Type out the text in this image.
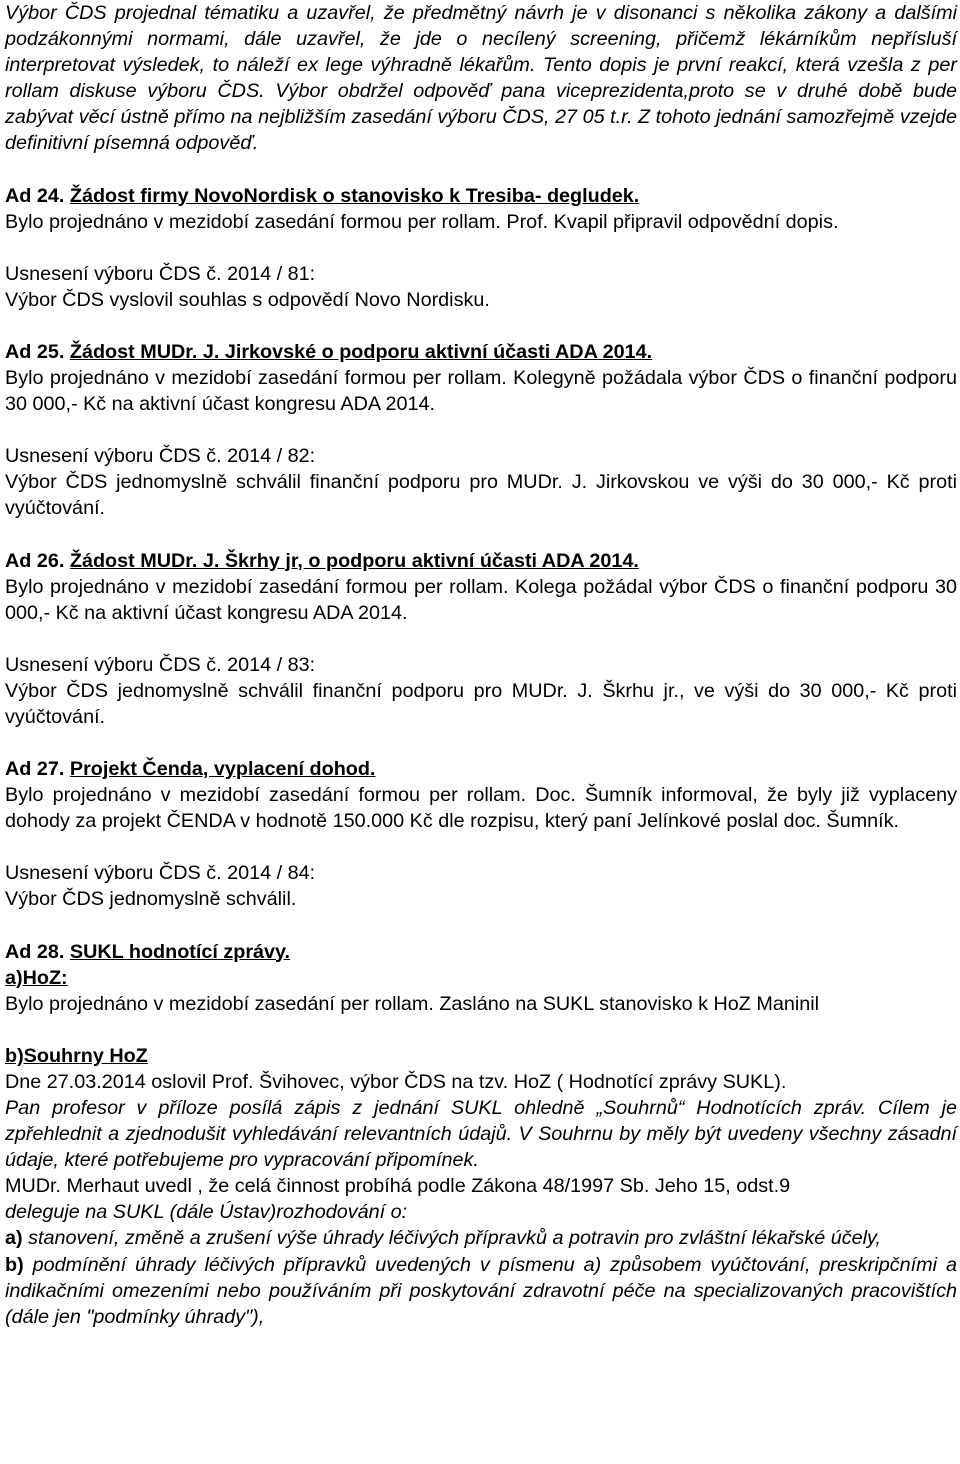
Výbor ČDS projednal tématiku a uzavřel, že předmětný návrh je v disonanci s několika zákony a dalšími podzákonnými normami, dále uzavřel, že jde o necílený screening, přičemž lékárníkům nepřísluší interpretovat výsledek, to náleží ex lege výhradně lékařům. Tento dopis je první reakcí, která vzešla z per rollam diskuse výboru ČDS. Výbor obdržel odpověď pana viceprezidenta,proto se v druhé době bude zabývat věcí ústně přímo na nejbližším zasedání výboru ČDS, 27 05 t.r. Z tohoto jednání samozřejmě vzejde definitivní písemná odpověď.

Ad 24. Žádost firmy NovoNordisk o stanovisko k Tresiba- degludek.

Bylo projednáno v mezidobí zasedání formou per rollam. Prof. Kvapil připravil odpovědní dopis.

Usnesení výboru ČDS č. 2014 / 81:

Výbor ČDS vyslovil souhlas s odpovědí Novo Nordisku.

Ad 25. Žádost MUDr. J. Jirkovské o podporu aktivní účasti ADA 2014.

Bylo projednáno v mezidobí zasedání formou per rollam. Kolegyně požádala výbor ČDS o finanční podporu 30 000,- Kč na aktivní účast kongresu ADA 2014.

Usnesení výboru ČDS č. 2014 / 82:

Výbor ČDS jednomyslně schválil finanční podporu pro MUDr. J. Jirkovskou ve výši do 30 000,- Kč proti vyúčtování.

Ad 26. Žádost MUDr. J. Škrhy jr, o podporu aktivní účasti ADA 2014.

Bylo projednáno v mezidobí zasedání formou per rollam. Kolega požádal výbor ČDS o finanční podporu 30 000,- Kč na aktivní účast kongresu ADA 2014.

Usnesení výboru ČDS č. 2014 / 83:

Výbor ČDS jednomyslně schválil finanční podporu pro MUDr. J. Škrhu jr., ve výši do 30 000,- Kč proti vyúčtování.

Ad 27. Projekt Čenda, vyplacení dohod.

Bylo projednáno v mezidobí zasedání formou per rollam. Doc. Šumník informoval, že byly již vyplaceny dohody za projekt ČENDA v hodnotě 150.000 Kč dle rozpisu, který paní Jelínkové poslal doc. Šumník.

Usnesení výboru ČDS č. 2014 / 84:

Výbor ČDS jednomyslně schválil.

Ad 28. SUKL hodnotící zprávy.

a)HoZ:

Bylo projednáno v mezidobí zasedání per rollam. Zasláno na SUKL stanovisko k HoZ Maninil

b)Souhrny HoZ

Dne 27.03.2014 oslovil Prof. Švihovec, výbor ČDS na tzv. HoZ ( Hodnotící zprávy SUKL).

Pan profesor v příloze posílá zápis z jednání SUKL ohledně „Souhrnů“ Hodnotících zpráv. Cílem je zpřehlednit a zjednodušit vyhledávání relevantních údajů. V Souhrnu by měly být uvedeny všechny zásadní údaje, které potřebujeme pro vypracování připomínek.

MUDr. Merhaut uvedl , že celá činnost probíhá podle Zákona 48/1997 Sb. Jeho 15, odst.9

deleguje na SUKL (dále Ústav)rozhodování o:

a) stanovení, změně a zrušení výše úhrady léčivých přípravků a potravin pro zvláštní lékařské účely,

b) podmínění úhrady léčivých přípravků uvedených v písmenu a) způsobem vyúčtování, preskripčními a indikačními omezeními nebo používáním při poskytování zdravotní péče na specializovaných pracovištích (dále jen "podmínky úhrady"),
